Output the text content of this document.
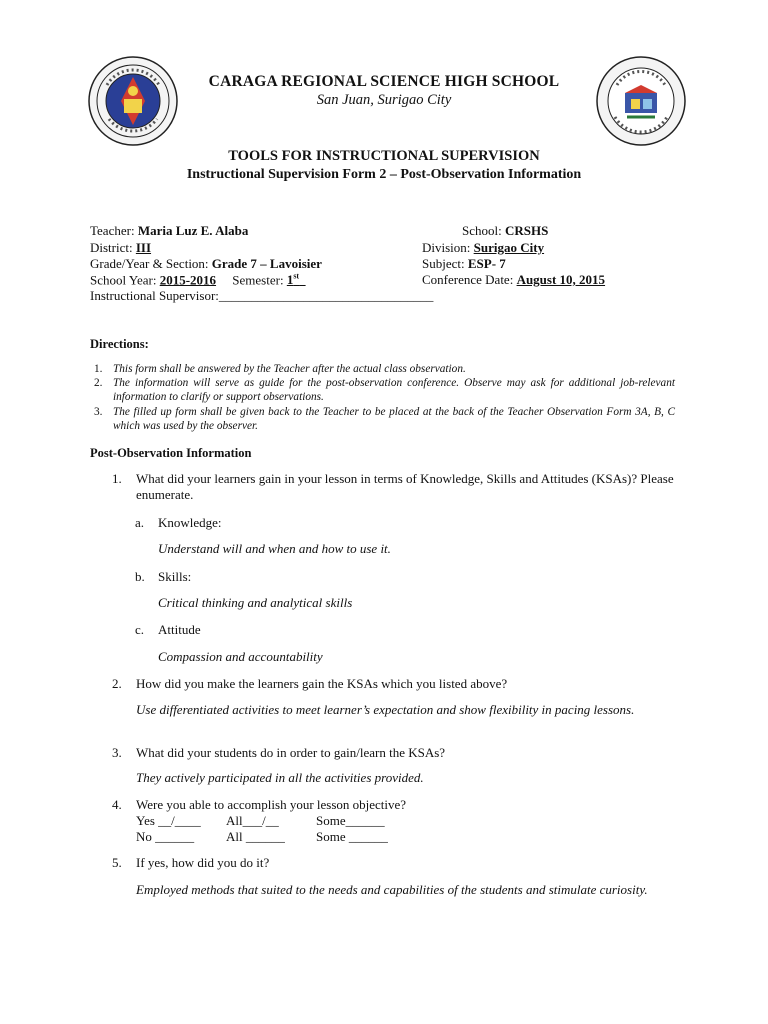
CARAGA REGIONAL SCIENCE HIGH SCHOOL
San Juan, Surigao City
TOOLS FOR INSTRUCTIONAL SUPERVISION
Instructional Supervision Form 2 – Post-Observation Information
Teacher: Maria Luz E. Alaba	School: CRSHS
District: III	Division: Surigao City
Grade/Year & Section: Grade 7 – Lavoisier	Subject: ESP- 7
School Year: 2015-2016 Semester: 1st	Conference Date: August 10, 2015
Instructional Supervisor:_________________________________
Directions:
1. This form shall be answered by the Teacher after the actual class observation.
2. The information will serve as guide for the post-observation conference. Observe may ask for additional job-relevant information to clarify or support observations.
3. The filled up form shall be given back to the Teacher to be placed at the back of the Teacher Observation Form 3A, B, C which was used by the observer.
Post-Observation Information
1. What did your learners gain in your lesson in terms of Knowledge, Skills and Attitudes (KSAs)? Please enumerate.
a. Knowledge:
Understand will and when and how to use it.
b. Skills:
Critical thinking and analytical skills
c. Attitude
Compassion and accountability
2. How did you make the learners gain the KSAs which you listed above?
Use differentiated activities to meet learner’s expectation and show flexibility in pacing lessons.
3. What did your students do in order to gain/learn the KSAs?
They actively participated in all the activities provided.
4. Were you able to accomplish your lesson objective?
Yes __/____ All___/__	Some______
No ______ All ______ Some ______
5. If yes, how did you do it?
Employed methods that suited to the needs and capabilities of the students and stimulate curiosity.
